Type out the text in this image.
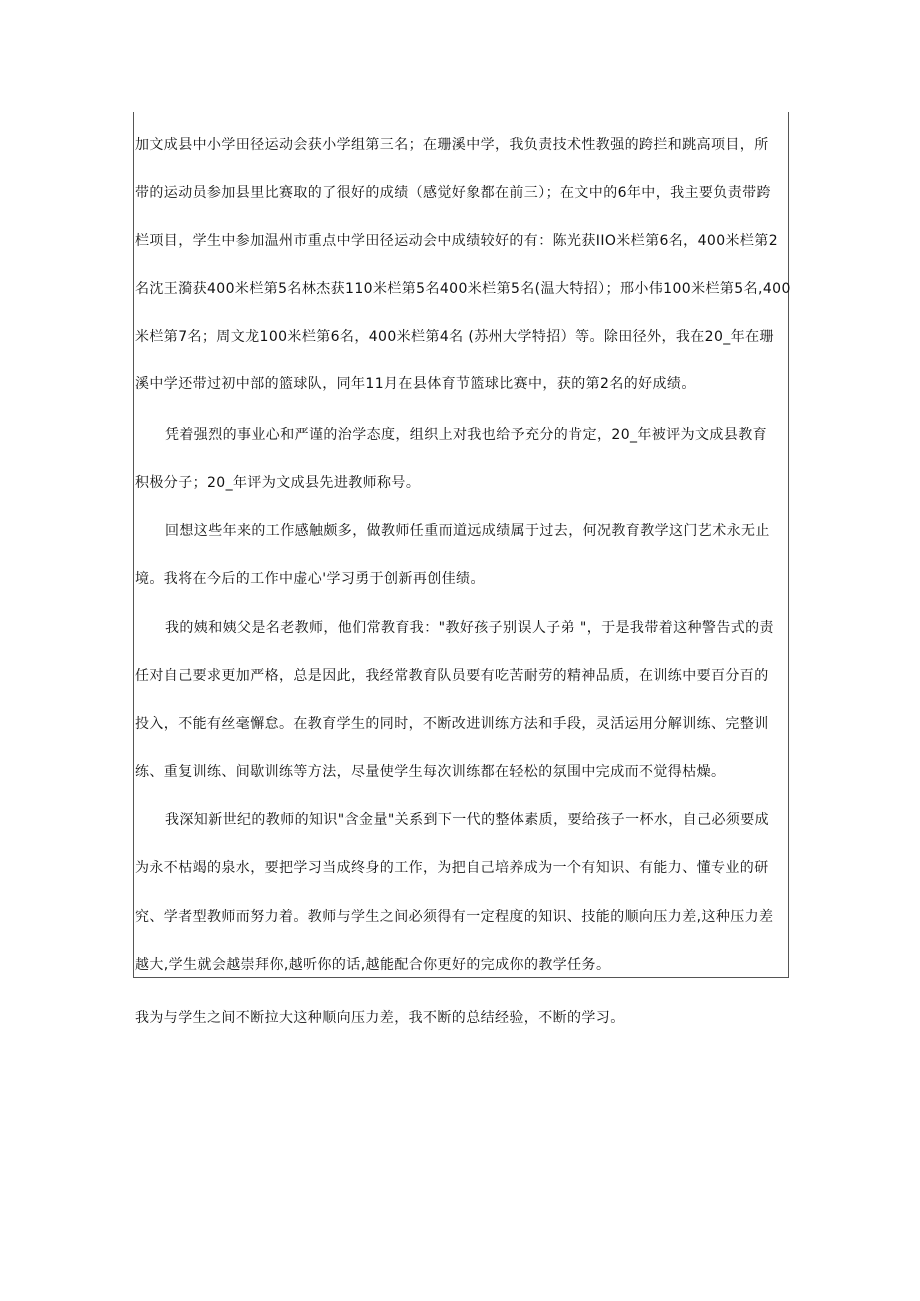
加文成县中小学田径运动会获小学组第三名；在珊溪中学，我负责技术性教强的跨拦和跳高项目，所

带的运动员参加县里比赛取的了很好的成绩（感觉好象都在前三）；在文中的6年中，我主要负责带跨

栏项目，学生中参加温州市重点中学田径运动会中成绩较好的有：陈光获IIO米栏第6名，400米栏第2

名沈王漪获400米栏第5名林杰获110米栏第5名400米栏第5名(温大特招）；邢小伟100米栏第5名,400

米栏第7名；周文龙100米栏第6名，400米栏第4名 (苏州大学特招）等。除田径外，我在20_年在珊

溪中学还带过初中部的篮球队，同年11月在县体育节篮球比赛中，获的第2名的好成绩。

凭着强烈的事业心和严谨的治学态度，组织上对我也给予充分的肯定，20_年被评为文成县教育

积极分子；20_年评为文成县先进教师称号。

回想这些年来的工作感触颇多，做教师任重而道远成绩属于过去，何况教育教学这门艺术永无止

境。我将在今后的工作中虚心'学习勇于创新再创佳绩。

我的姨和姨父是名老教师，他们常教育我："教好孩子别误人子弟 "，于是我带着这种警告式的责

任对自己要求更加严格，总是因此，我经常教育队员要有吃苦耐劳的精神品质，在训练中要百分百的

投入，不能有丝毫懈怠。在教育学生的同时，不断改进训练方法和手段，灵活运用分解训练、完整训

练、重复训练、间歇训练等方法，尽量使学生每次训练都在轻松的氛围中完成而不觉得枯燥。

我深知新世纪的教师的知识"含金量"关系到下一代的整体素质，要给孩子一杯水，自己必须要成

为永不枯竭的泉水，要把学习当成终身的工作，为把自己培养成为一个有知识、有能力、懂专业的研

究、学者型教师而努力着。教师与学生之间必须得有一定程度的知识、技能的顺向压力差,这种压力差

越大,学生就会越崇拜你,越听你的话,越能配合你更好的完成你的教学任务。

我为与学生之间不断拉大这种顺向压力差，我不断的总结经验，不断的学习。
